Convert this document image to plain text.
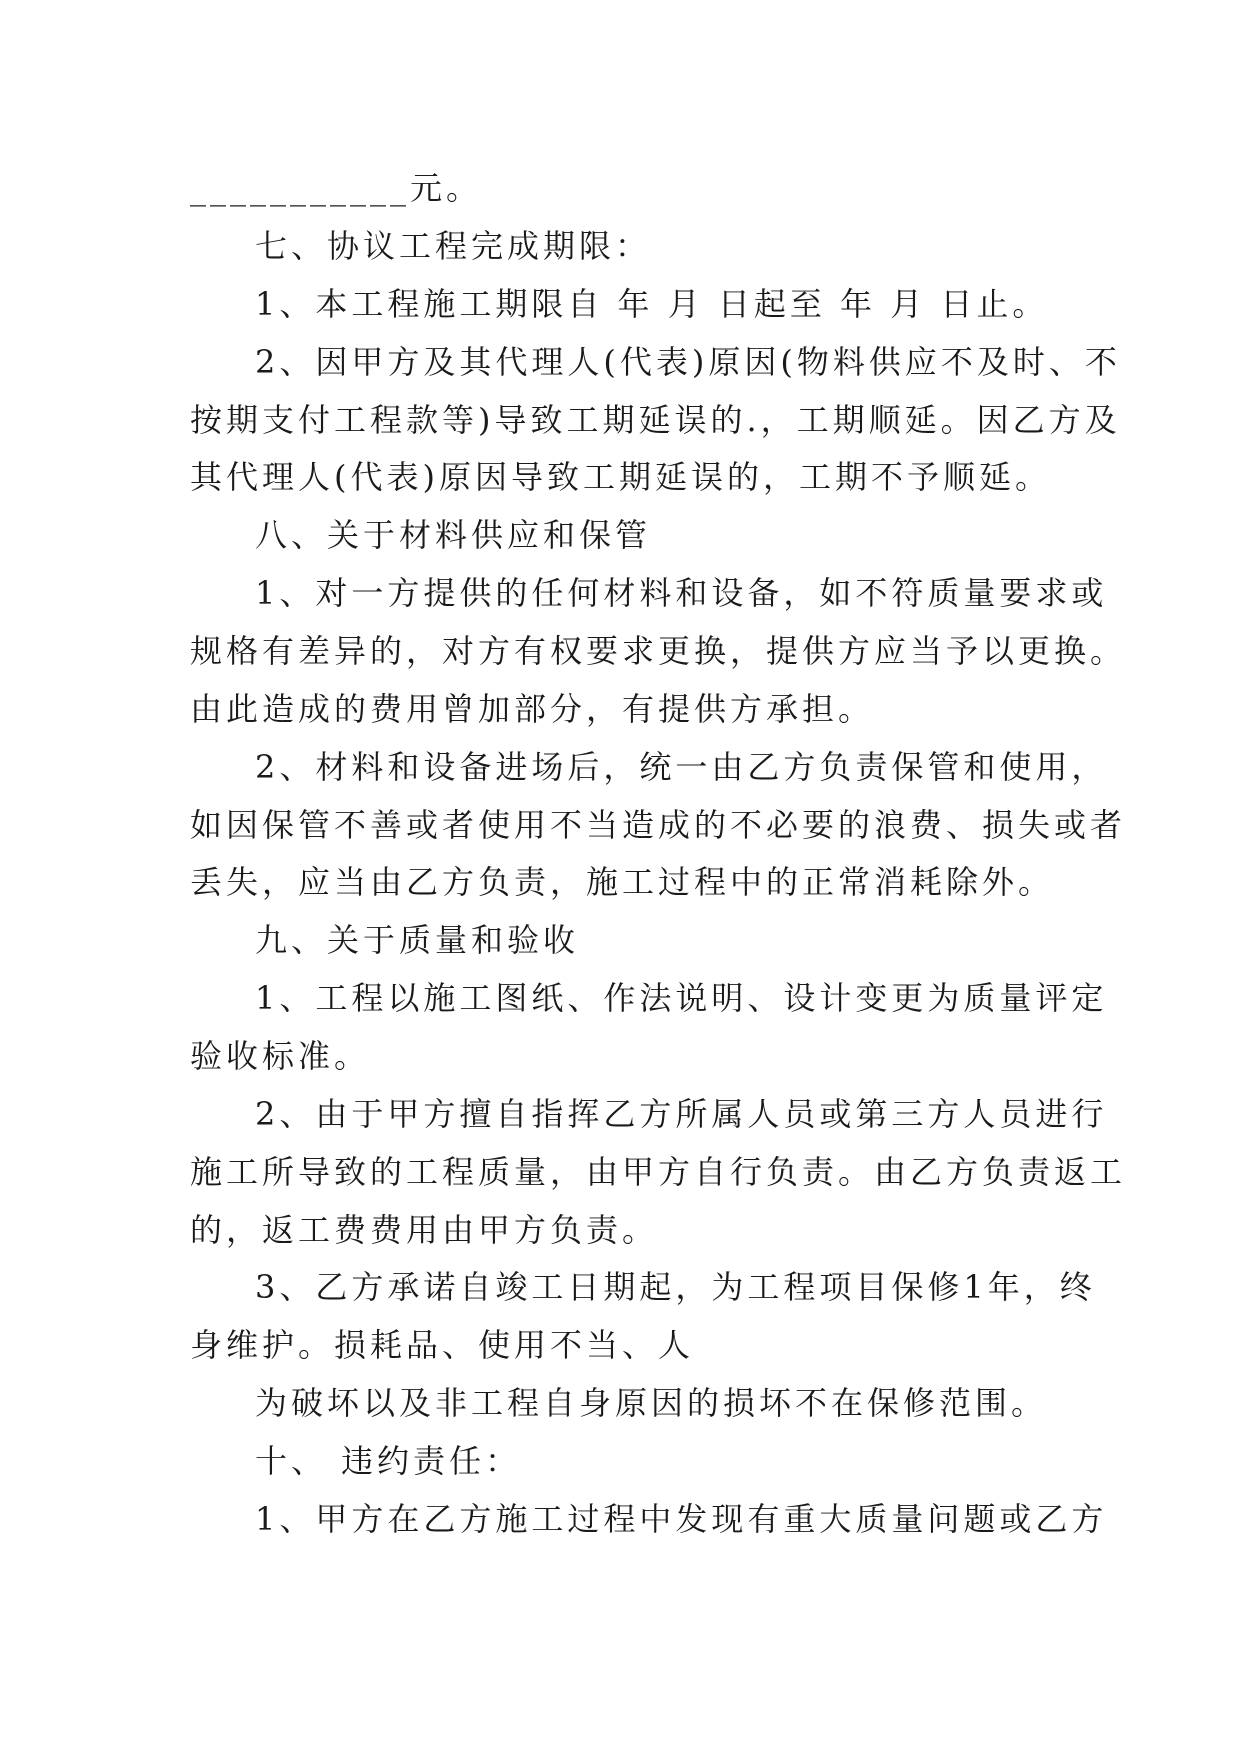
___________元。
七、协议工程完成期限：
1、本工程施工期限自 年 月 日起至 年 月 日止。
2、因甲方及其代理人(代表)原因(物料供应不及时、不
按期支付工程款等)导致工期延误的.，工期顺延。因乙方及
其代理人(代表)原因导致工期延误的，工期不予顺延。
八、关于材料供应和保管
1、对一方提供的任何材料和设备，如不符质量要求或
规格有差异的，对方有权要求更换，提供方应当予以更换。
由此造成的费用曾加部分，有提供方承担。
2、材料和设备进场后，统一由乙方负责保管和使用，
如因保管不善或者使用不当造成的不必要的浪费、损失或者
丢失，应当由乙方负责，施工过程中的正常消耗除外。
九、关于质量和验收
1、工程以施工图纸、作法说明、设计变更为质量评定
验收标准。
2、由于甲方擅自指挥乙方所属人员或第三方人员进行
施工所导致的工程质量，由甲方自行负责。由乙方负责返工
的，返工费费用由甲方负责。
3、乙方承诺自竣工日期起，为工程项目保修1年，终
身维护。损耗品、使用不当、人
为破坏以及非工程自身原因的损坏不在保修范围。
十、 违约责任：
1、甲方在乙方施工过程中发现有重大质量问题或乙方
